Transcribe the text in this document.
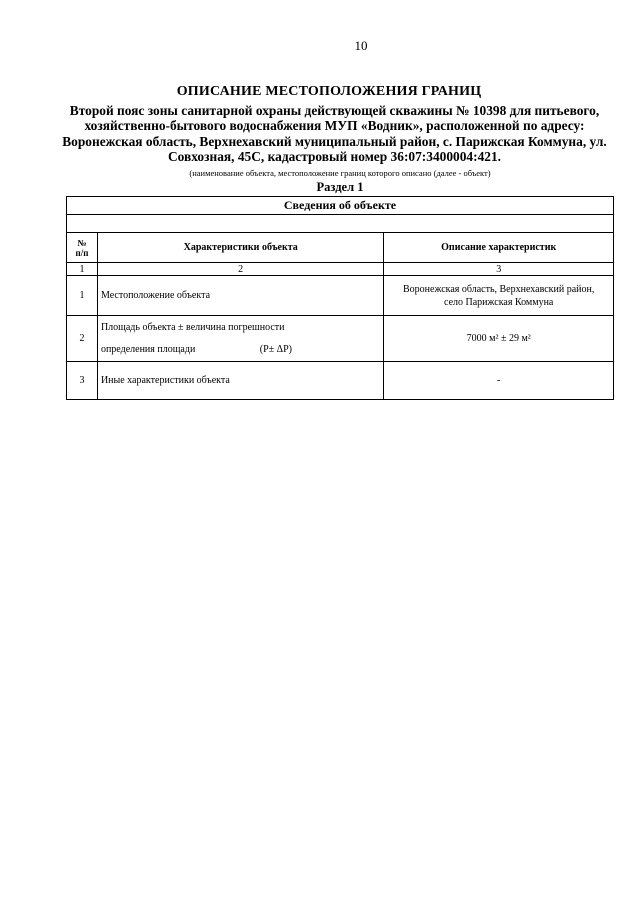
10
ОПИСАНИЕ МЕСТОПОЛОЖЕНИЯ ГРАНИЦ
Второй пояс зоны санитарной охраны действующей скважины № 10398 для питьевого,
хозяйственно-бытового водоснабжения МУП «Водник», расположенной по адресу:
Воронежская область, Верхнехавский муниципальный район, с. Парижская Коммуна, ул.
Совхозная, 45С, кадастровый номер 36:07:3400004:421.
(наименование объекта, местоположение границ которого описано (далее - объект)
Раздел 1
Сведения об объекте		

№
п/п	Характеристики объекта	Описание характеристик
1	2	3
1	Местоположение объекта	Воронежская область, Верхнехавский район,
село Парижская Коммуна

2	Площадь объекта ± величина погрешности
определения площади (P± ΔP)	7000 м² ± 29 м²
3	Иные характеристики объекта	-
